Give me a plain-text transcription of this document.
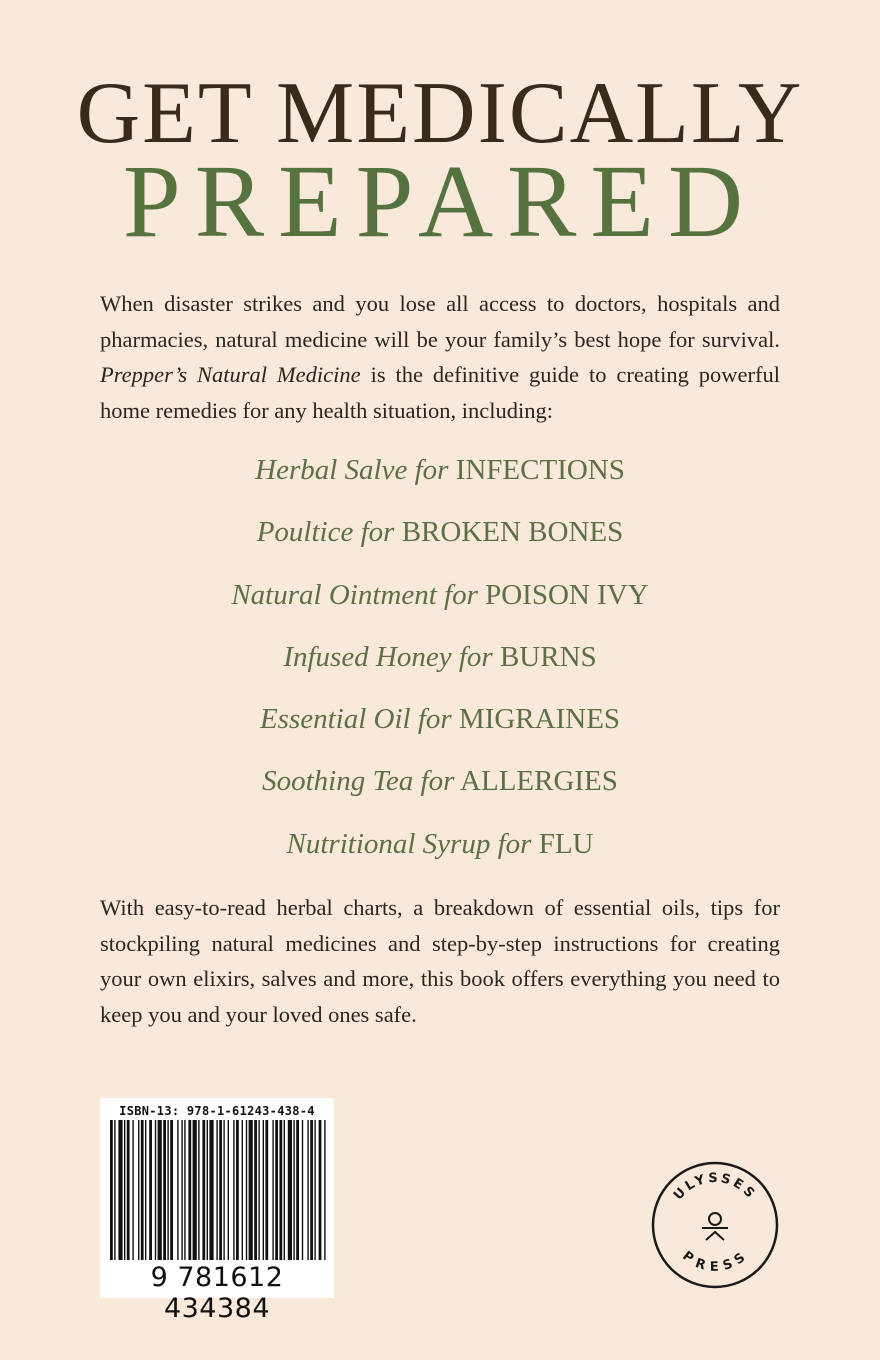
GET MEDICALLY
PREPARED

When disaster strikes and you lose all access to doctors, hospitals and pharmacies, natural medicine will be your family’s best hope for survival. Prepper’s Natural Medicine is the definitive guide to creating powerful home remedies for any health situation, including:

Herbal Salve for INFECTIONS
Poultice for BROKEN BONES
Natural Ointment for POISON IVY
Infused Honey for BURNS
Essential Oil for MIGRAINES
Soothing Tea for ALLERGIES
Nutritional Syrup for FLU

With easy-to-read herbal charts, a breakdown of essential oils, tips for stockpiling natural medicines and step-by-step instructions for creating your own elixirs, salves and more, this book offers everything you need to keep you and your loved ones safe.

ISBN-13: 978-1-61243-438-4
9 781612 434384
ULYSSES
PRESS
